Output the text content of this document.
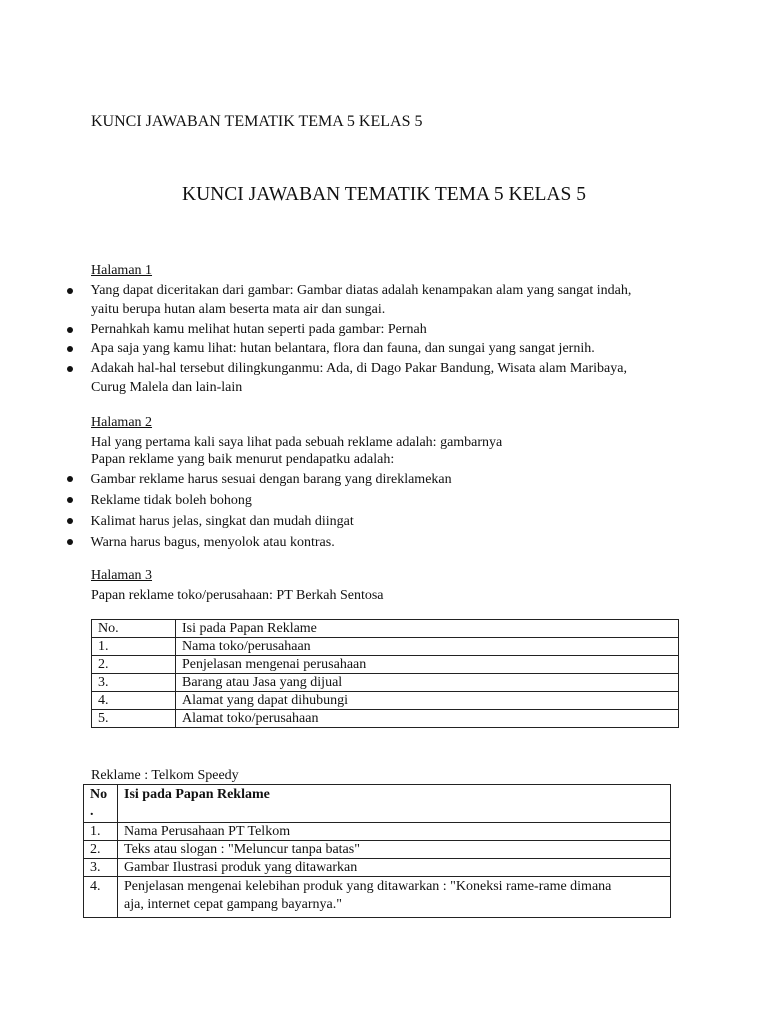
KUNCI JAWABAN TEMATIK TEMA 5 KELAS 5
KUNCI JAWABAN TEMATIK TEMA 5 KELAS 5
Halaman 1
Yang dapat diceritakan dari gambar: Gambar diatas adalah kenampakan alam yang sangat indah,
yaitu berupa hutan alam beserta mata air dan sungai.
Pernahkah kamu melihat hutan seperti pada gambar: Pernah
Apa saja yang kamu lihat: hutan belantara, flora dan fauna, dan sungai yang sangat jernih.
Adakah hal-hal tersebut dilingkunganmu: Ada, di Dago Pakar Bandung, Wisata alam Maribaya,
Curug Malela dan lain-lain
Halaman 2
Hal yang pertama kali saya lihat pada sebuah reklame adalah: gambarnya
Papan reklame yang baik menurut pendapatku adalah:
Gambar reklame harus sesuai dengan barang yang direklamekan
Reklame tidak boleh bohong
Kalimat harus jelas, singkat dan mudah diingat
Warna harus bagus, menyolok atau kontras.
Halaman 3
Papan reklame toko/perusahaan: PT Berkah Sentosa
No.	Isi pada Papan Reklame
1.	Nama toko/perusahaan
2.	Penjelasan mengenai perusahaan
3.	Barang atau Jasa yang dijual
4.	Alamat yang dapat dihubungi
5.	Alamat toko/perusahaan
Reklame : Telkom Speedy
No
.	Isi pada Papan Reklame
1.	Nama Perusahaan PT Telkom
2.	Teks atau slogan : "Meluncur tanpa batas"
3.	Gambar Ilustrasi produk yang ditawarkan
4.	Penjelasan mengenai kelebihan produk yang ditawarkan : "Koneksi rame-rame dimana
aja, internet cepat gampang bayarnya."
